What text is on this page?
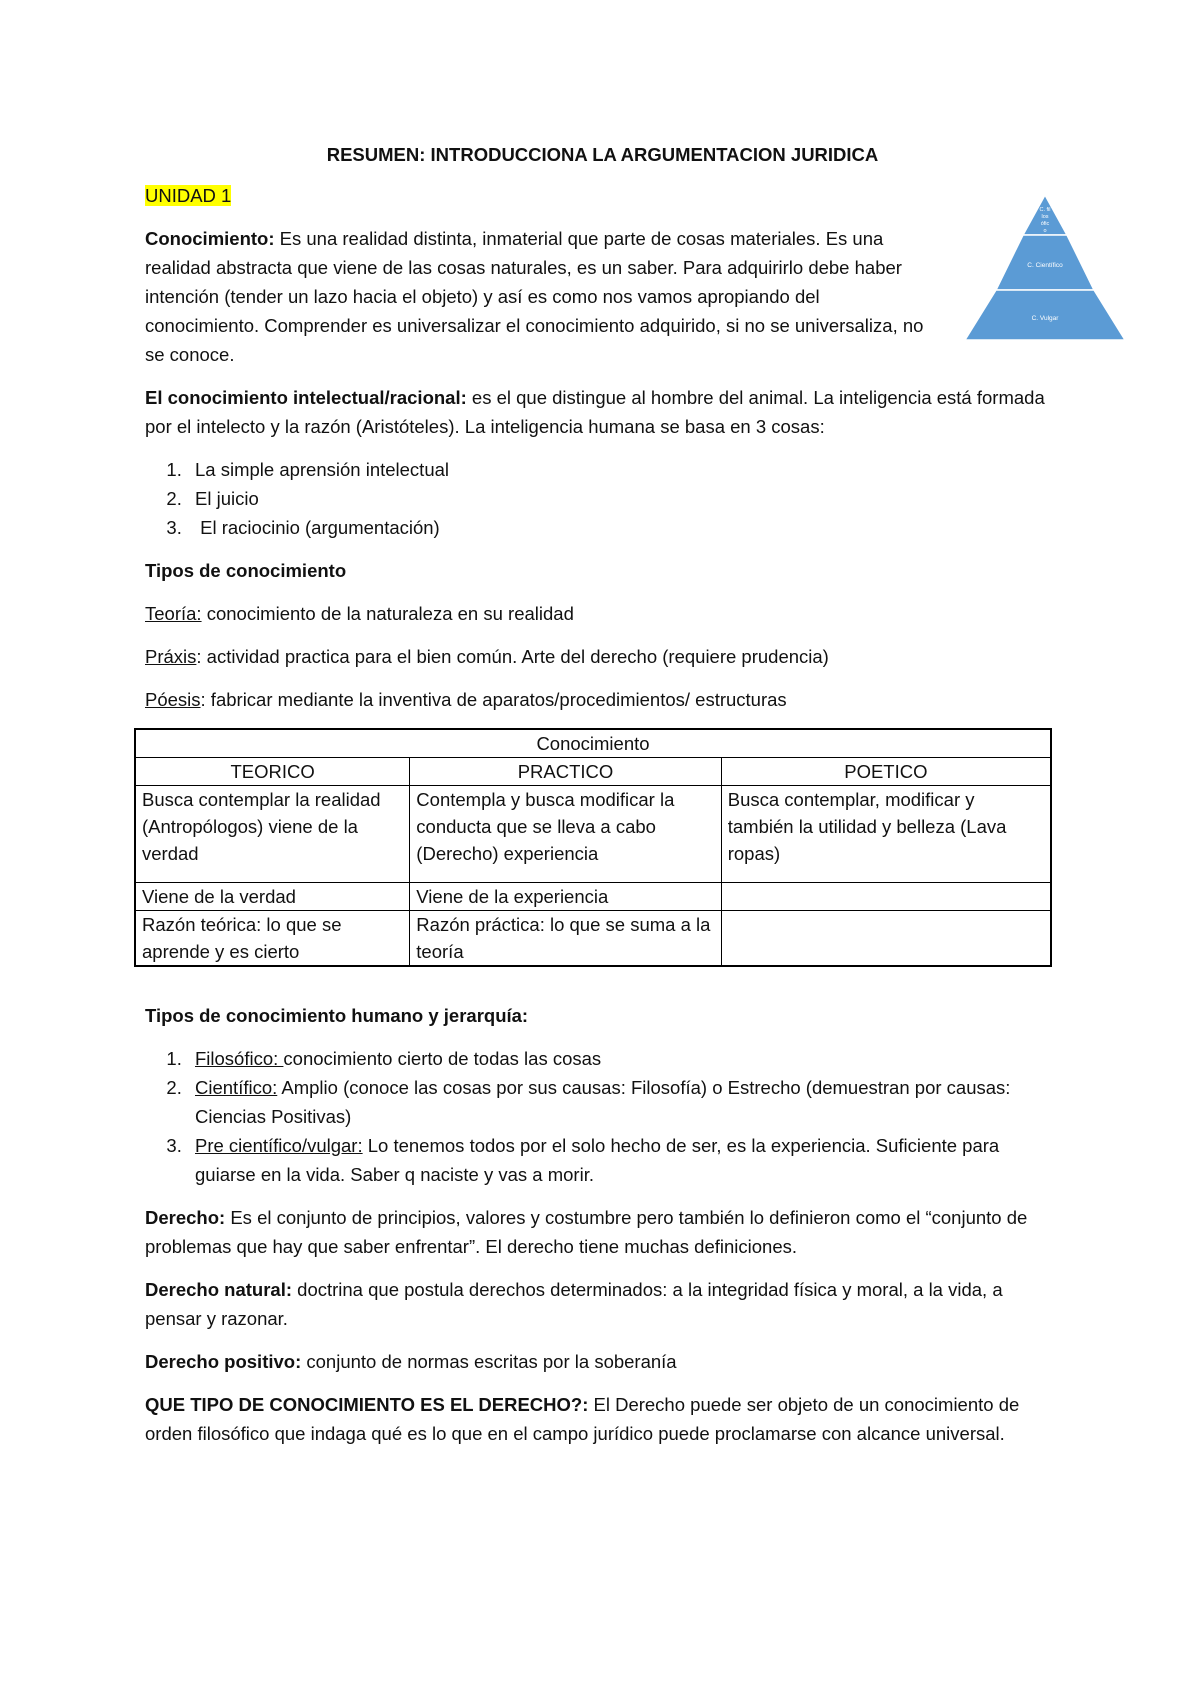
C. fil los ófic o
C. Científico
C. Vulgar
RESUMEN: INTRODUCCIONA LA ARGUMENTACION JURIDICA
UNIDAD 1

Conocimiento: Es una realidad distinta, inmaterial que parte de cosas materiales. Es una realidad abstracta que viene de las cosas naturales, es un saber. Para adquirirlo debe haber intención (tender un lazo hacia el objeto) y así es como nos vamos apropiando del conocimiento. Comprender es universalizar el conocimiento adquirido, si no se universaliza, no se conoce.

El conocimiento intelectual/racional: es el que distingue al hombre del animal. La inteligencia está formada por el intelecto y la razón (Aristóteles). La inteligencia humana se basa en 3 cosas:

1. La simple aprensión intelectual
2. El juicio
3.  El raciocinio (argumentación)

Tipos de conocimiento

Teoría: conocimiento de la naturaleza en su realidad

Práxis: actividad practica para el bien común. Arte del derecho (requiere prudencia)

Póesis: fabricar mediante la inventiva de aparatos/procedimientos/ estructuras

Conocimiento		
TEORICO	PRACTICO	POETICO
Busca contemplar la realidad (Antropólogos) viene de la verdad	Contempla y busca modificar la conducta que se lleva a cabo (Derecho) experiencia	Busca contemplar, modificar y también la utilidad y belleza (Lava ropas)
Viene de la verdad	Viene de la experiencia	
Razón teórica: lo que se aprende y es cierto	Razón práctica: lo que se suma a la teoría	

Tipos de conocimiento humano y jerarquía:

1. Filosófico: conocimiento cierto de todas las cosas
2. Científico: Amplio (conoce las cosas por sus causas: Filosofía) o Estrecho (demuestran por causas: Ciencias Positivas)
3. Pre científico/vulgar: Lo tenemos todos por el solo hecho de ser, es la experiencia. Suficiente para guiarse en la vida. Saber q naciste y vas a morir.

Derecho: Es el conjunto de principios, valores y costumbre pero también lo definieron como el “conjunto de problemas que hay que saber enfrentar”. El derecho tiene muchas definiciones.

Derecho natural: doctrina que postula derechos determinados: a la integridad física y moral, a la vida, a pensar y razonar.

Derecho positivo: conjunto de normas escritas por la soberanía

QUE TIPO DE CONOCIMIENTO ES EL DERECHO?: El Derecho puede ser objeto de un conocimiento de orden filosófico que indaga qué es lo que en el campo jurídico puede proclamarse con alcance universal.
